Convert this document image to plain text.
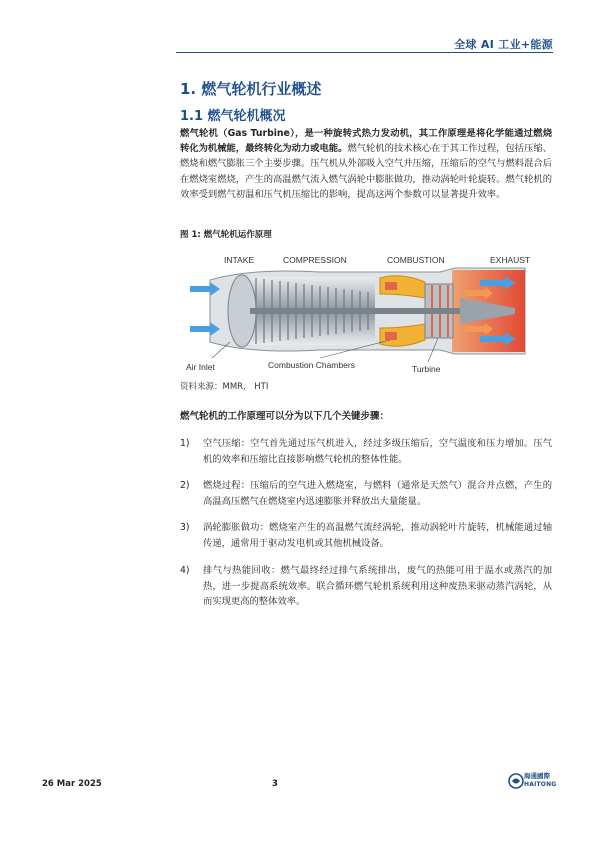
全球 AI 工业+能源
1. 燃气轮机行业概述
1.1 燃气轮机概况

燃气轮机（Gas Turbine），是一种旋转式热力发动机，其工作原理是将化学能通过燃烧转化为机械能，最终转化为动力或电能。燃气轮机的技术核心在于其工作过程，包括压缩、燃烧和燃气膨胀三个主要步骤。压气机从外部吸入空气并压缩，压缩后的空气与燃料混合后在燃烧室燃烧，产生的高温燃气流入燃气涡轮中膨胀做功，推动涡轮叶轮旋转。燃气轮机的效率受到燃气初温和压气机压缩比的影响，提高这两个参数可以显著提升效率。

图 1: 燃气轮机运作原理
INTAKE	COMPRESSION	COMBUSTION	EXHAUST
Air Inlet	Combustion Chambers	Turbine
资料来源：MMR， HTI
燃气轮机的工作原理可以分为以下几个关键步骤：
1)	空气压缩：空气首先通过压气机进入，经过多级压缩后，空气温度和压力增加。压气机的效率和压缩比直接影响燃气轮机的整体性能。
2)	燃烧过程：压缩后的空气进入燃烧室，与燃料（通常是天然气）混合并点燃，产生的高温高压燃气在燃烧室内迅速膨胀并释放出大量能量。
3)	涡轮膨胀做功：燃烧室产生的高温燃气流经涡轮，推动涡轮叶片旋转，机械能通过轴传递，通常用于驱动发电机或其他机械设备。
4)	排气与热能回收：燃气最终经过排气系统排出，废气的热能可用于温水或蒸汽的加热，进一步提高系统效率。联合循环燃气轮机系统利用这种废热来驱动蒸汽涡轮，从而实现更高的整体效率。
26 Mar 2025	3
海通國際
HAITONG
